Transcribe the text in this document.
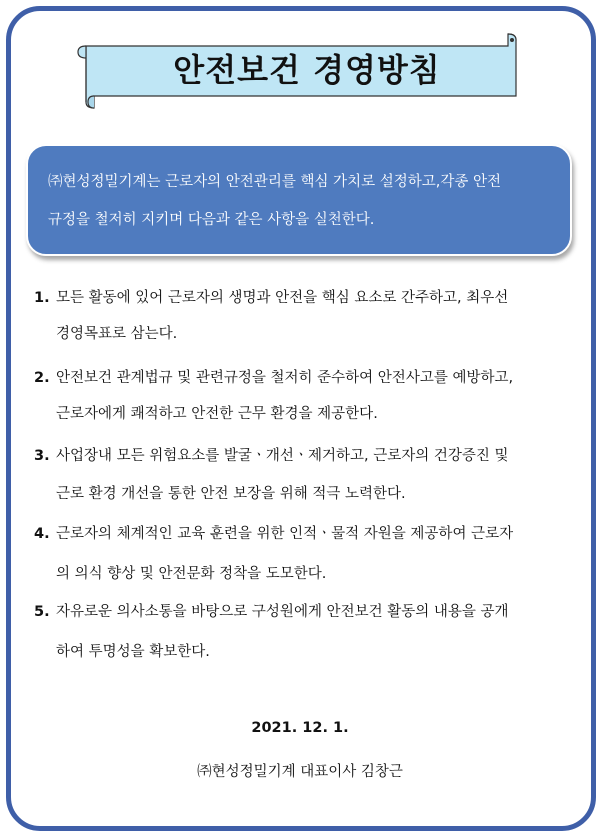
안전보건 경영방침

㈜현성정밀기계는 근로자의 안전관리를 핵심 가치로 설정하고,각종 안전

규정을 철저히 지키며 다음과 같은 사항을 실천한다.

1. 모든 활동에 있어 근로자의 생명과 안전을 핵심 요소로 간주하고, 최우선
경영목표로 삼는다.
2. 안전보건 관계법규 및 관련규정을 철저히 준수하여 안전사고를 예방하고,
근로자에게 쾌적하고 안전한 근무 환경을 제공한다.
3. 사업장내 모든 위험요소를 발굴ㆍ개선ㆍ제거하고, 근로자의 건강증진 및
근로 환경 개선을 통한 안전 보장을 위해 적극 노력한다.
4. 근로자의 체계적인 교육 훈련을 위한 인적ㆍ물적 자원을 제공하여 근로자
의 의식 향상 및 안전문화 정착을 도모한다.
5. 자유로운 의사소통을 바탕으로 구성원에게 안전보건 활동의 내용을 공개
하여 투명성을 확보한다.
2021. 12. 1.
㈜현성정밀기계 대표이사 김창근
